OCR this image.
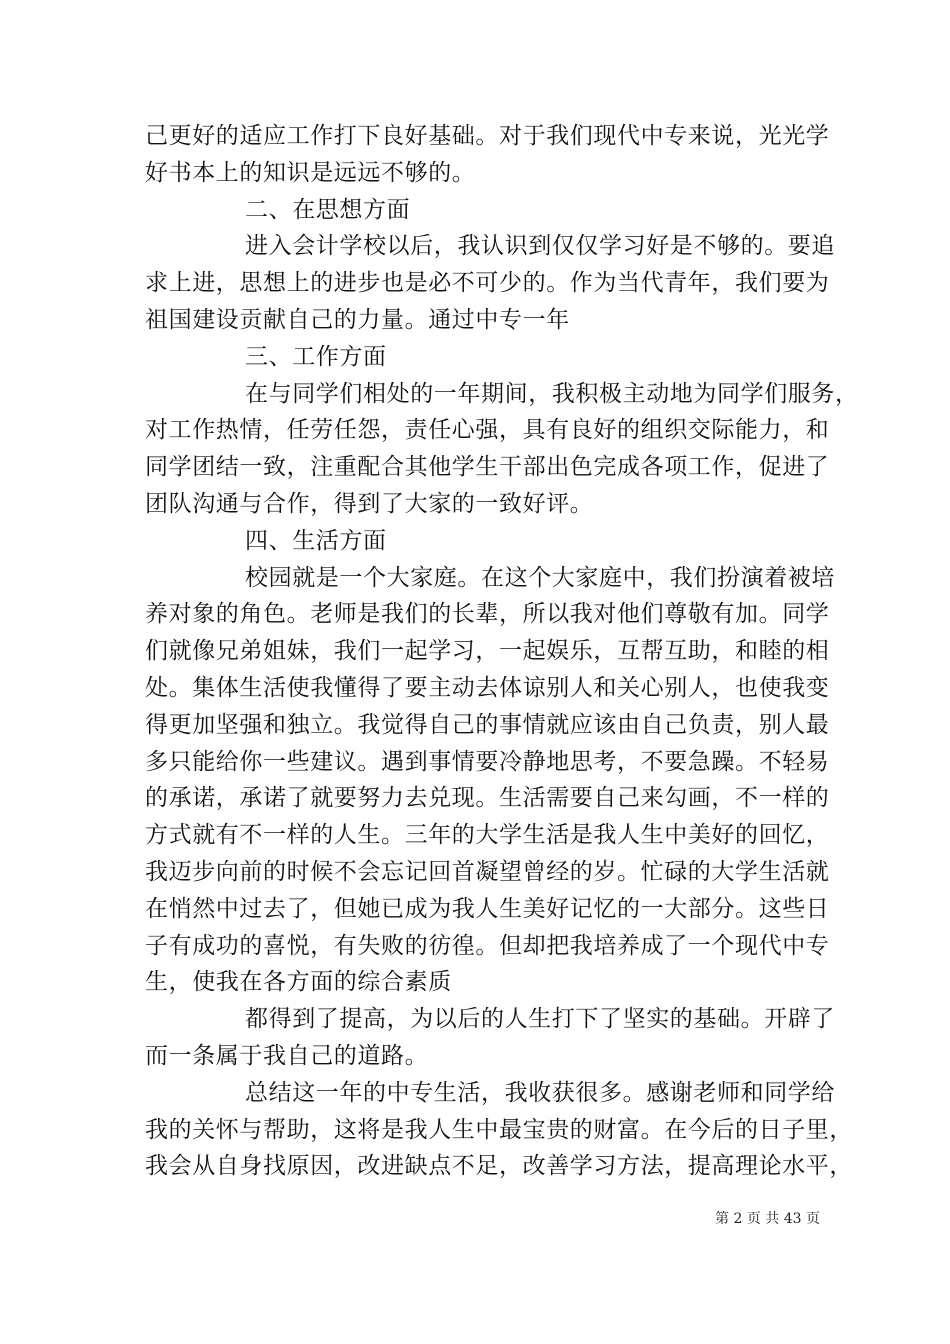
己更好的适应工作打下良好基础。对于我们现代中专来说，光光学
好书本上的知识是远远不够的。
二、在思想方面
进入会计学校以后，我认识到仅仅学习好是不够的。要追
求上进，思想上的进步也是必不可少的。作为当代青年，我们要为
祖国建设贡献自己的力量。通过中专一年
三、工作方面
在与同学们相处的一年期间，我积极主动地为同学们服务，
对工作热情，任劳任怨，责任心强，具有良好的组织交际能力，和
同学团结一致，注重配合其他学生干部出色完成各项工作，促进了
团队沟通与合作，得到了大家的一致好评。
四、生活方面
校园就是一个大家庭。在这个大家庭中，我们扮演着被培
养对象的角色。老师是我们的长辈，所以我对他们尊敬有加。同学
们就像兄弟姐妹，我们一起学习，一起娱乐，互帮互助，和睦的相
处。集体生活使我懂得了要主动去体谅别人和关心别人，也使我变
得更加坚强和独立。我觉得自己的事情就应该由自己负责，别人最
多只能给你一些建议。遇到事情要冷静地思考，不要急躁。不轻易
的承诺，承诺了就要努力去兑现。生活需要自己来勾画，不一样的
方式就有不一样的人生。三年的大学生活是我人生中美好的回忆，
我迈步向前的时候不会忘记回首凝望曾经的岁。忙碌的大学生活就
在悄然中过去了，但她已成为我人生美好记忆的一大部分。这些日
子有成功的喜悦，有失败的彷徨。但却把我培养成了一个现代中专
生，使我在各方面的综合素质
都得到了提高，为以后的人生打下了坚实的基础。开辟了
而一条属于我自己的道路。
总结这一年的中专生活，我收获很多。感谢老师和同学给
我的关怀与帮助，这将是我人生中最宝贵的财富。在今后的日子里，
我会从自身找原因，改进缺点不足，改善学习方法，提高理论水平，
第 2 页 共 43 页
